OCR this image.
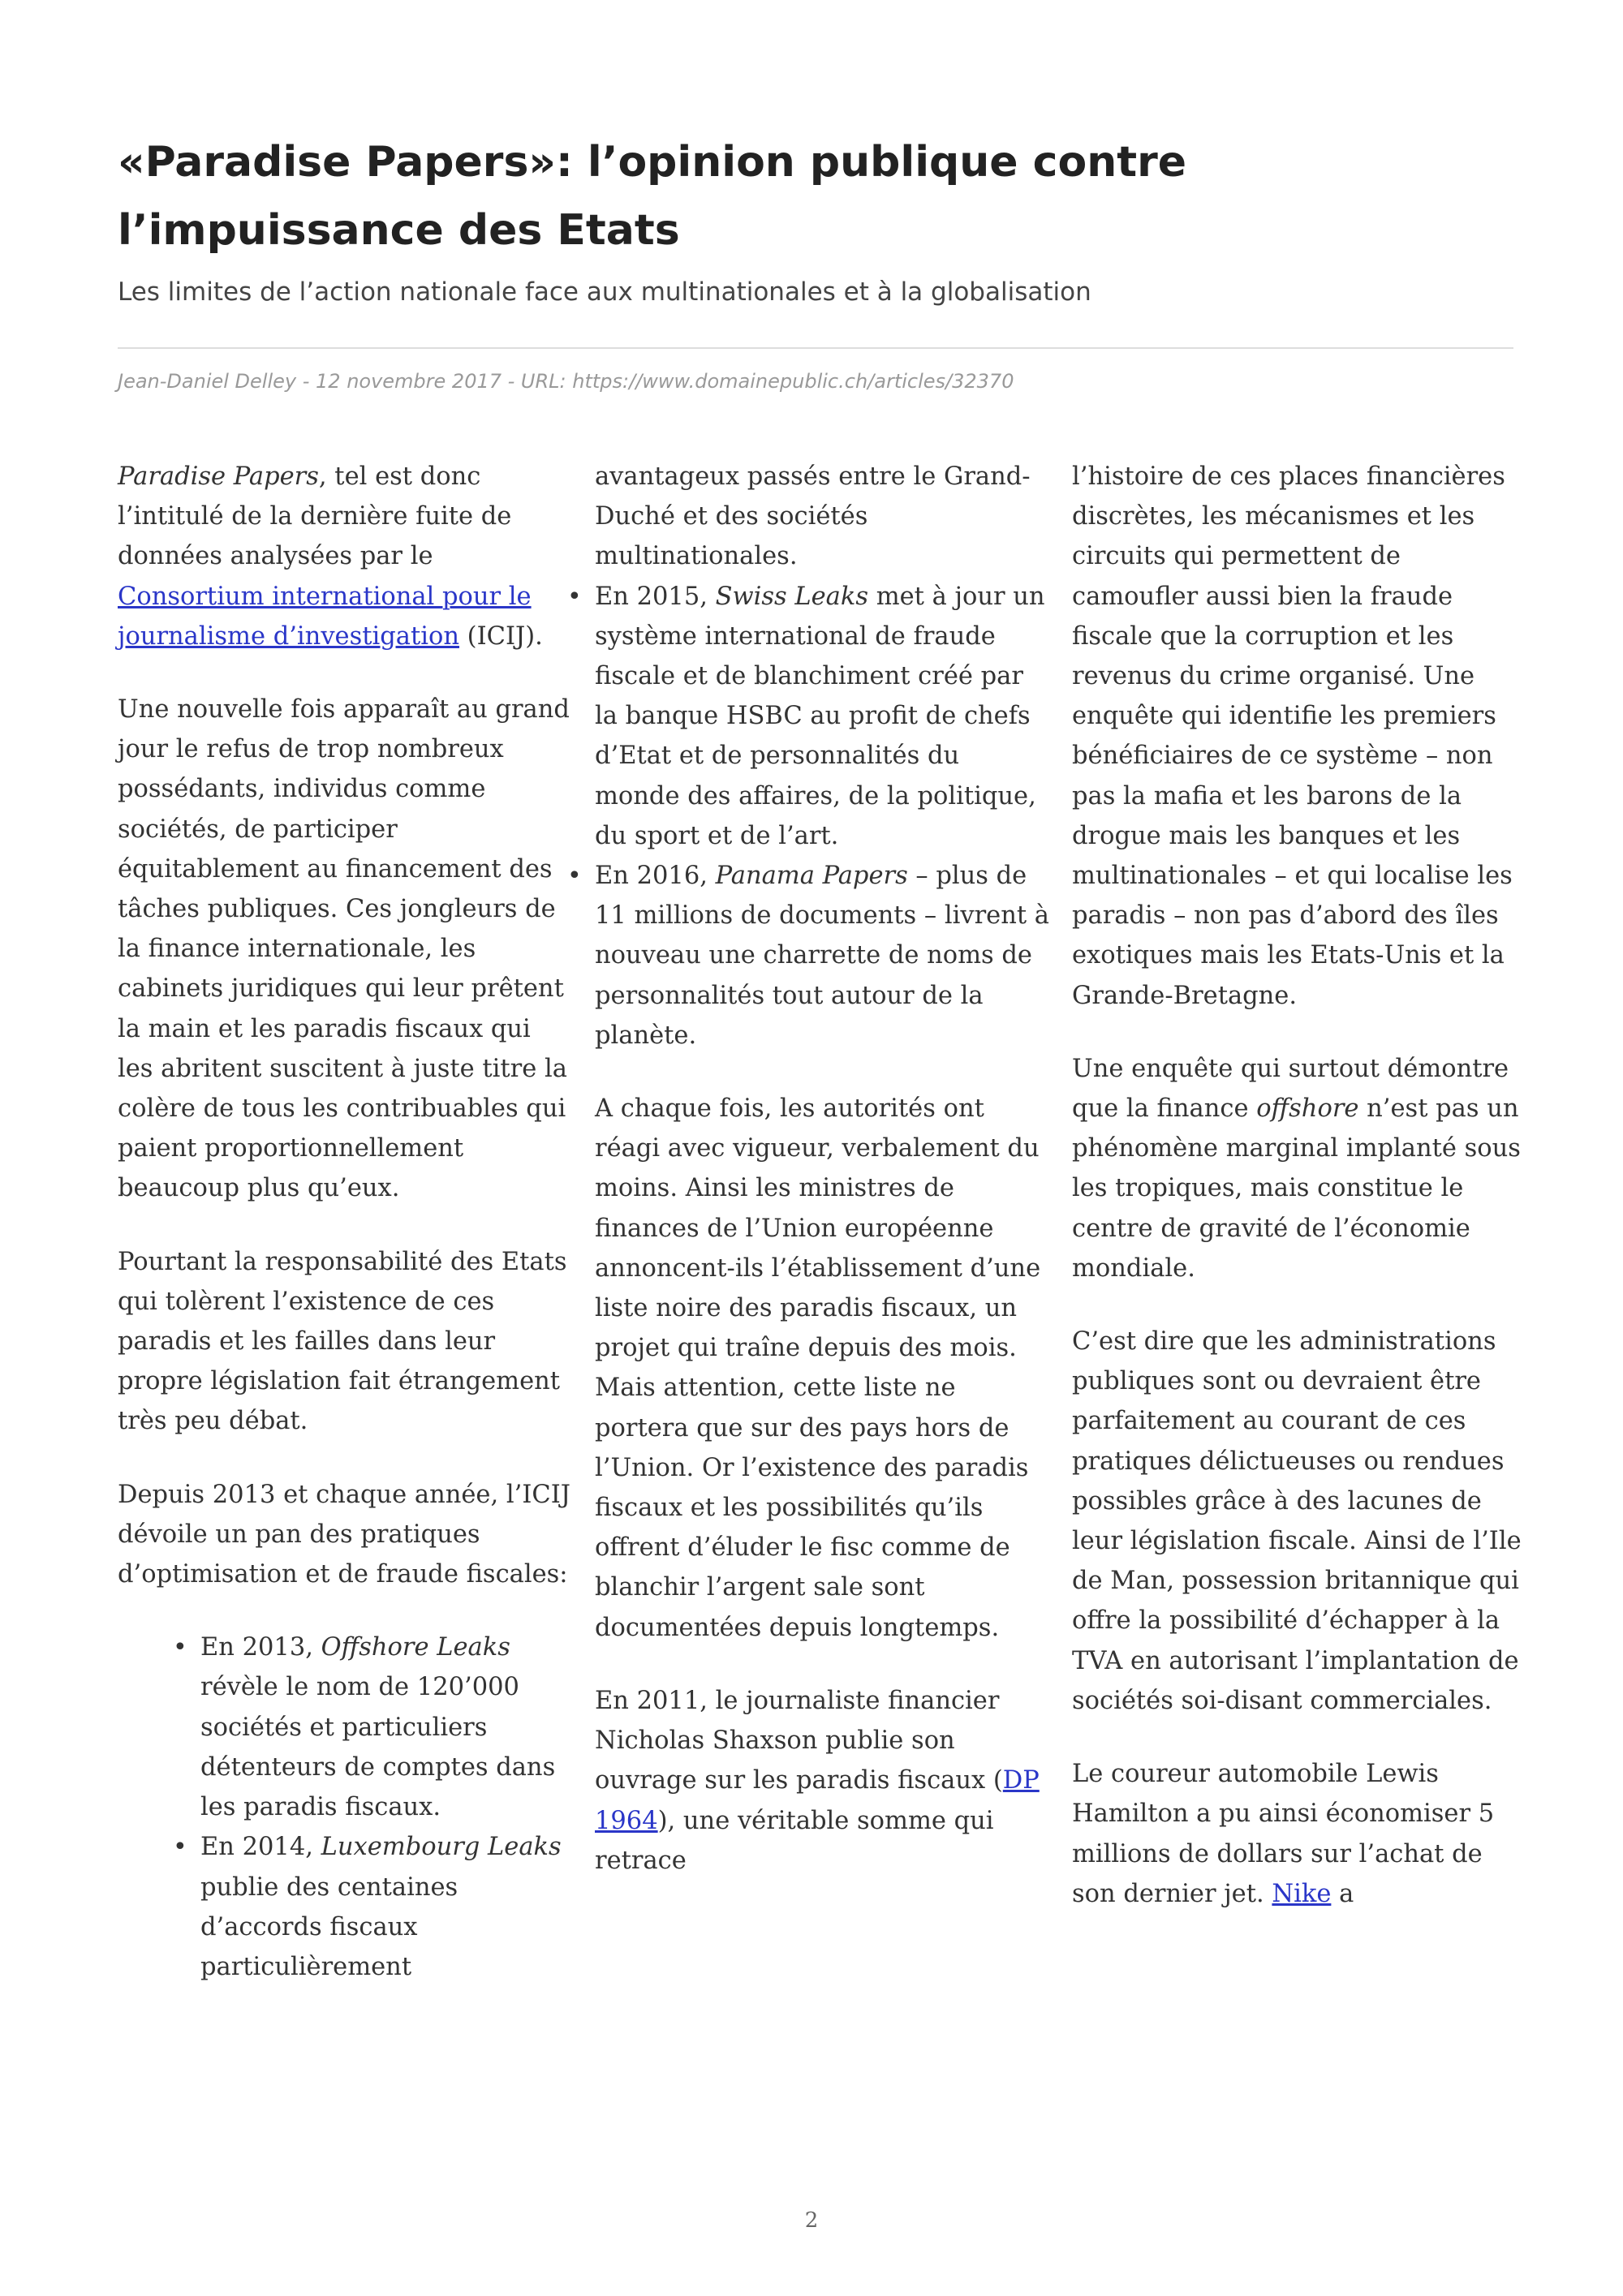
«Paradise Papers»: l’opinion publique contre l’impuissance des Etats

Les limites de l’action nationale face aux multinationales et à la globalisation

Jean-Daniel Delley - 12 novembre 2017 - URL: https://www.domainepublic.ch/articles/32370

Paradise Papers, tel est donc l’intitulé de la dernière fuite de données analysées par le Consortium international pour le journalisme d’investigation (ICIJ).

Une nouvelle fois apparaît au grand jour le refus de trop nombreux possédants, individus comme sociétés, de participer équitablement au financement des tâches publiques. Ces jongleurs de la finance internationale, les cabinets juridiques qui leur prêtent la main et les paradis fiscaux qui les abritent suscitent à juste titre la colère de tous les contribuables qui paient proportionnellement beaucoup plus qu’eux.

Pourtant la responsabilité des Etats qui tolèrent l’existence de ces paradis et les failles dans leur propre législation fait étrangement très peu débat.

Depuis 2013 et chaque année, l’ICIJ dévoile un pan des pratiques d’optimisation et de fraude fiscales:

• En 2013, Offshore Leaks révèle le nom de 120’000 sociétés et particuliers détenteurs de comptes dans les paradis fiscaux.
• En 2014, Luxembourg Leaks publie des centaines d’accords fiscaux particulièrement
avantageux passés entre le Grand-Duché et des sociétés multinationales.
• En 2015, Swiss Leaks met à jour un système international de fraude fiscale et de blanchiment créé par la banque HSBC au profit de chefs d’Etat et de personnalités du monde des affaires, de la politique, du sport et de l’art.
• En 2016, Panama Papers – plus de 11 millions de documents – livrent à nouveau une charrette de noms de personnalités tout autour de la planète.

A chaque fois, les autorités ont réagi avec vigueur, verbalement du moins. Ainsi les ministres de finances de l’Union européenne annoncent-ils l’établissement d’une liste noire des paradis fiscaux, un projet qui traîne depuis des mois. Mais attention, cette liste ne portera que sur des pays hors de l’Union. Or l’existence des paradis fiscaux et les possibilités qu’ils offrent d’éluder le fisc comme de blanchir l’argent sale sont documentées depuis longtemps.

En 2011, le journaliste financier Nicholas Shaxson publie son ouvrage sur les paradis fiscaux (DP 1964), une véritable somme qui retrace

l’histoire de ces places financières discrètes, les mécanismes et les circuits qui permettent de camoufler aussi bien la fraude fiscale que la corruption et les revenus du crime organisé. Une enquête qui identifie les premiers bénéficiaires de ce système – non pas la mafia et les barons de la drogue mais les banques et les multinationales – et qui localise les paradis – non pas d’abord des îles exotiques mais les Etats-Unis et la Grande-Bretagne.

Une enquête qui surtout démontre que la finance offshore n’est pas un phénomène marginal implanté sous les tropiques, mais constitue le centre de gravité de l’économie mondiale.

C’est dire que les administrations publiques sont ou devraient être parfaitement au courant de ces pratiques délictueuses ou rendues possibles grâce à des lacunes de leur législation fiscale. Ainsi de l’Ile de Man, possession britannique qui offre la possibilité d’échapper à la TVA en autorisant l’implantation de sociétés soi-disant commerciales.

Le coureur automobile Lewis Hamilton a pu ainsi économiser 5 millions de dollars sur l’achat de son dernier jet. Nike a

2
